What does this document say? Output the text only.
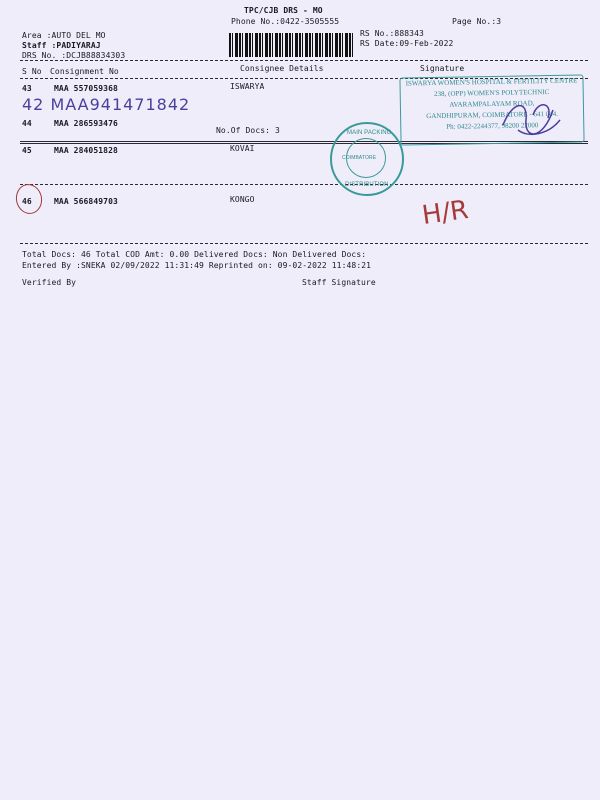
TPC/CJB DRS - MO
Phone No.:0422-3505555	Page No.:3
Area :AUTO DEL MO
Staff :PADIYARAJ
DRS No. :DCJB88834303
RS No.:888343
RS Date:09-Feb-2022
S No Consignment No	Consignee Details	Signature
43	MAA 557059368	ISWARYA
42 MAA941471842
44	MAA 286593476
No.Of Docs: 3
45	MAA 284051828	KOVAI
46	MAA 566849703	KONGO
ISWARYA WOMEN'S HOSPITAL & FERTILITY CENTRE
238, (OPP) WOMEN'S POLYTECHNIC
AVARAMPALAYAM ROAD,
GANDHIPURAM, COIMBATORE - 641 044.
Ph: 0422-2244377, 98200 22000
MAIN PACKING
COIMBATORE
DISTRIBUTION
H/R
Total Docs: 46 Total COD Amt: 0.00 Delivered Docs: Non Delivered Docs:
Entered By :SNEKA 02/09/2022 11:31:49 Reprinted on: 09-02-2022 11:48:21
Verified By	Staff Signature
